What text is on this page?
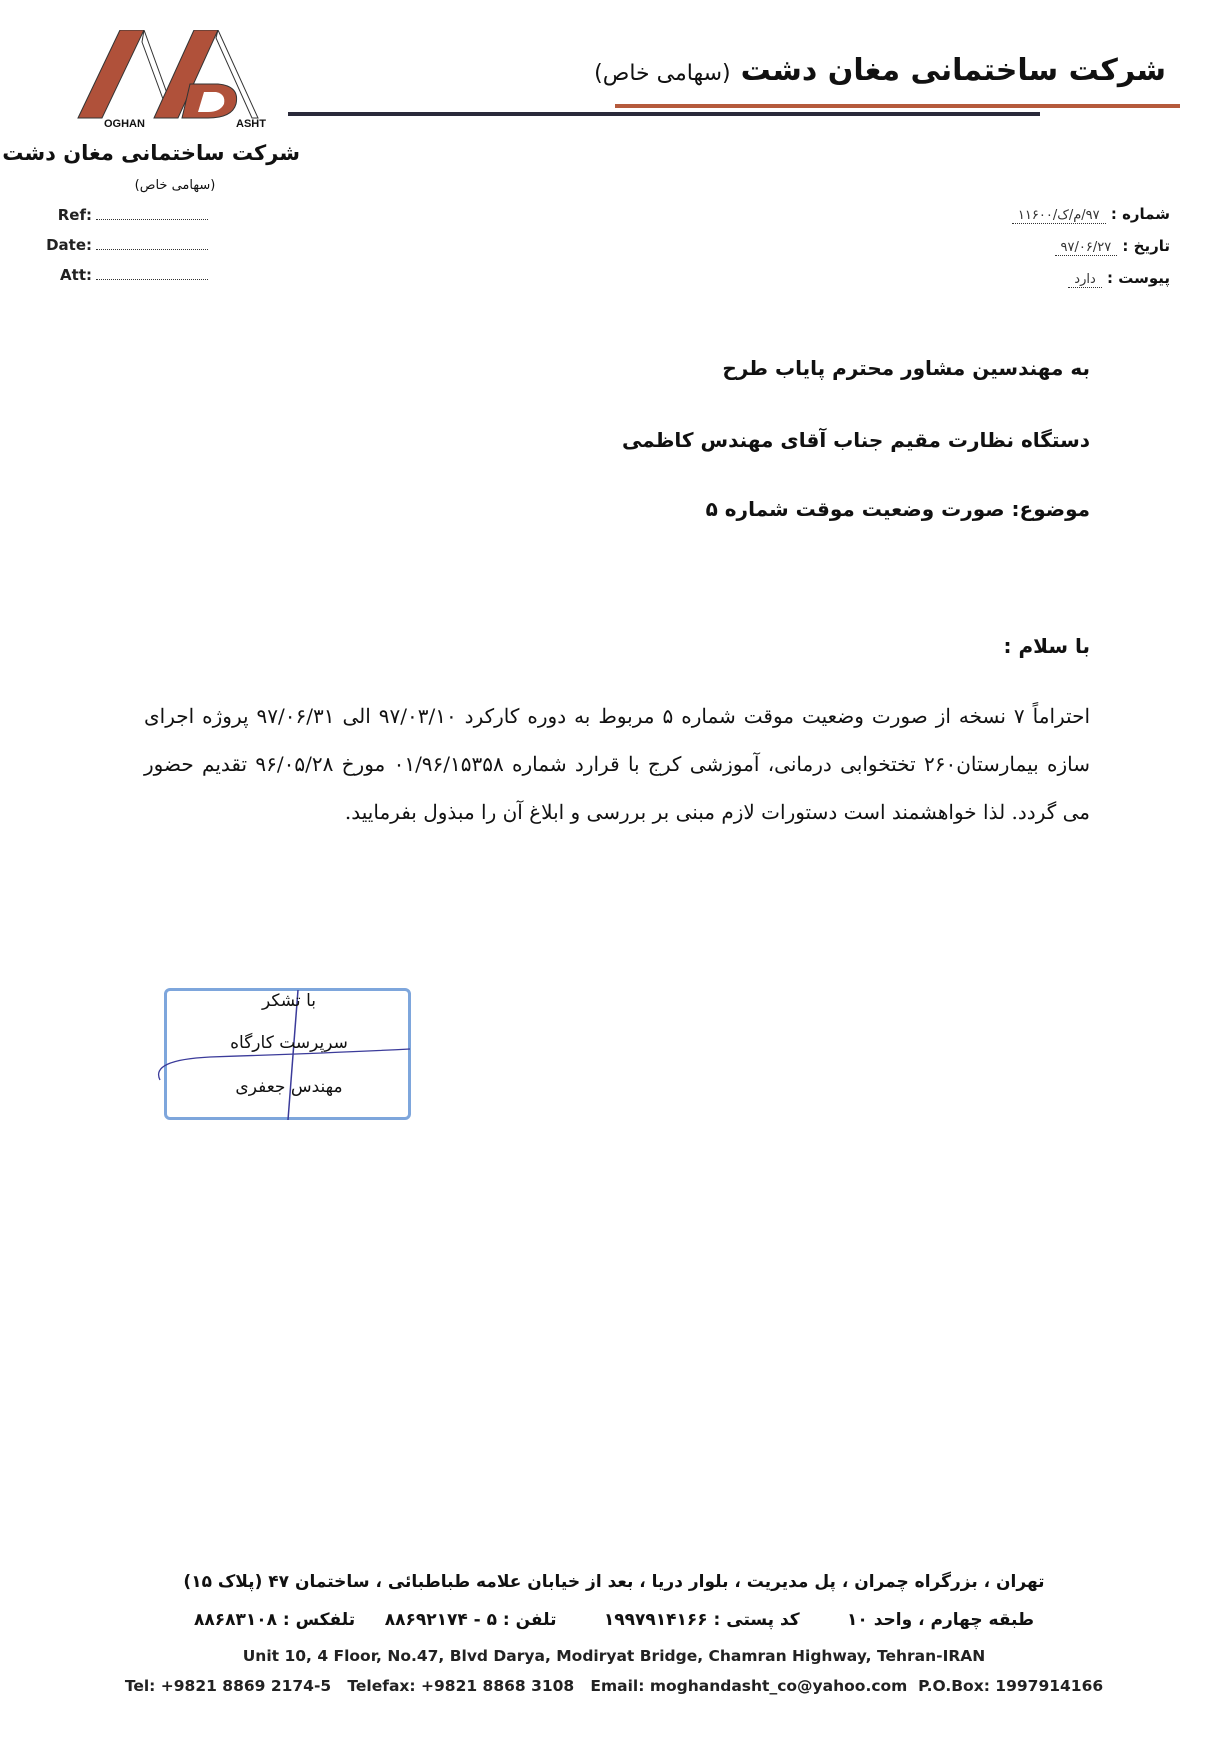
OGHAN	ASHT
شرکت ساختمانی مغان دشت
(سهامی خاص)
شرکت ساختمانی مغان دشت
(سهامی خاص)
Ref:
Date:
Att:
شماره : ۹۷/م/ک/۱۱۶۰۰
تاریخ : ۹۷/۰۶/۲۷
پیوست : دارد
به مهندسین مشاور محترم پایاب طرح
دستگاه نظارت مقیم جناب آقای مهندس کاظمی
موضوع: صورت وضعیت موقت شماره ۵
با سلام :
احتراماً ۷ نسخه از صورت وضعیت موقت شماره ۵ مربوط به دوره کارکرد ۹۷/۰۳/۱۰ الی ۹۷/۰۶/۳۱ پروژه اجرای سازه بیمارستان۲۶۰ تختخوابی درمانی، آموزشی کرج با قرارد شماره ۰۱/۹۶/۱۵۳۵۸ مورخ ۹۶/۰۵/۲۸ تقدیم حضور می گردد. لذا خواهشمند است دستورات لازم مبنی بر بررسی و ابلاغ آن را مبذول بفرمایید.
با تشکر
سرپرست کارگاه
مهندس جعفری
تهران ، بزرگراه چمران ، پل مدیریت ، بلوار دریا ، بعد از خیابان علامه طباطبائی ، ساختمان ۴۷ (پلاک ۱۵)
طبقه چهارم ، واحد ۱۰        کد پستی : ۱۹۹۷۹۱۴۱۶۶        تلفن : ۵ - ۸۸۶۹۲۱۷۴     تلفکس : ۸۸۶۸۳۱۰۸
Unit 10, 4 Floor, No.47, Blvd Darya, Modiryat Bridge, Chamran Highway, Tehran-IRAN
Tel: +9821 8869 2174-5   Telefax: +9821 8868 3108   Email: moghandasht_co@yahoo.com  P.O.Box: 1997914166
